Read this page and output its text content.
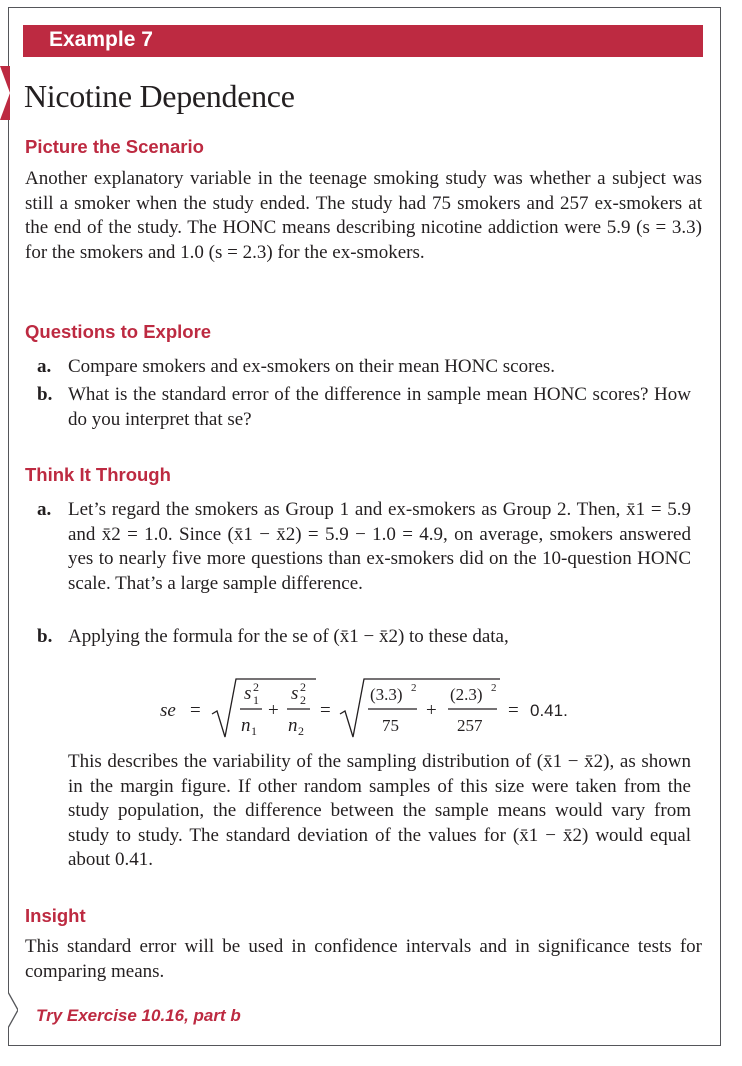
Example 7
Nicotine Dependence
Picture the Scenario

Another explanatory variable in the teenage smoking study was whether a subject was still a smoker when the study ended. The study had 75 smokers and 257 ex-smokers at the end of the study. The HONC means describing nicotine addiction were 5.9 (s = 3.3) for the smokers and 1.0 (s = 2.3) for the ex-smokers.

Questions to Explore
a. Compare smokers and ex-smokers on their mean HONC scores.
b. What is the standard error of the difference in sample mean HONC scores? How do you interpret that se?
Think It Through
a. Let’s regard the smokers as Group 1 and ex-smokers as Group 2. Then, x̄1 = 5.9 and x̄2 = 1.0. Since (x̄1 − x̄2) = 5.9 − 1.0 = 4.9, on average, smokers answered yes to nearly five more questions than ex-smokers did on the 10-question HONC scale. That’s a large sample difference.
b. Applying the formula for the se of (x̄1 − x̄2) to these data,
se =
s 2
1
n 1
+
s 2
2
n 2
=
(3.3) 2
75
+
(2.3) 2
257
= 0.41.
This describes the variability of the sampling distribution of (x̄1 − x̄2), as shown in the margin figure. If other random samples of this size were taken from the study population, the difference between the sample means would vary from study to study. The standard deviation of the values for (x̄1 − x̄2) would equal about 0.41.
Insight

This standard error will be used in confidence intervals and in significance tests for comparing means.

Try Exercise 10.16, part b
